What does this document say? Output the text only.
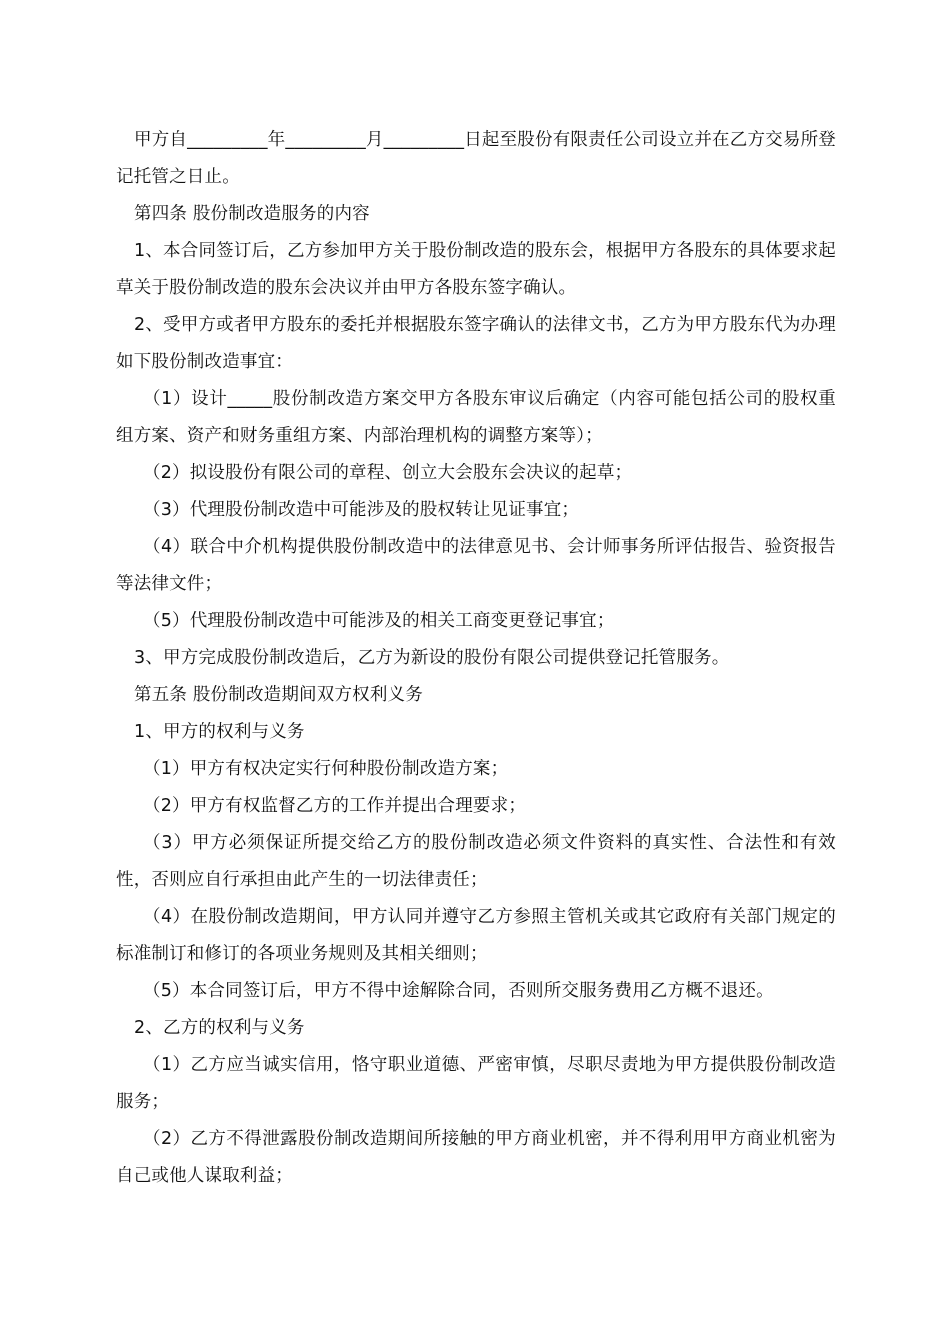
甲方自_________年_________月_________日起至股份有限责任公司设立并在乙方交易所登记托管之日止。

第四条 股份制改造服务的内容

1、本合同签订后，乙方参加甲方关于股份制改造的股东会，根据甲方各股东的具体要求起草关于股份制改造的股东会决议并由甲方各股东签字确认。

2、受甲方或者甲方股东的委托并根据股东签字确认的法律文书，乙方为甲方股东代为办理如下股份制改造事宜：

（1）设计_____股份制改造方案交甲方各股东审议后确定（内容可能包括公司的股权重组方案、资产和财务重组方案、内部治理机构的调整方案等）；

（2）拟设股份有限公司的章程、创立大会股东会决议的起草；

（3）代理股份制改造中可能涉及的股权转让见证事宜；

（4）联合中介机构提供股份制改造中的法律意见书、会计师事务所评估报告、验资报告等法律文件；

（5）代理股份制改造中可能涉及的相关工商变更登记事宜；

3、甲方完成股份制改造后，乙方为新设的股份有限公司提供登记托管服务。

第五条 股份制改造期间双方权利义务

1、甲方的权利与义务

（1）甲方有权决定实行何种股份制改造方案；

（2）甲方有权监督乙方的工作并提出合理要求；

（3）甲方必须保证所提交给乙方的股份制改造必须文件资料的真实性、合法性和有效性，否则应自行承担由此产生的一切法律责任；

（4）在股份制改造期间，甲方认同并遵守乙方参照主管机关或其它政府有关部门规定的标准制订和修订的各项业务规则及其相关细则；

（5）本合同签订后，甲方不得中途解除合同，否则所交服务费用乙方概不退还。

2、乙方的权利与义务

（1）乙方应当诚实信用，恪守职业道德、严密审慎，尽职尽责地为甲方提供股份制改造服务；

（2）乙方不得泄露股份制改造期间所接触的甲方商业机密，并不得利用甲方商业机密为自己或他人谋取利益；
